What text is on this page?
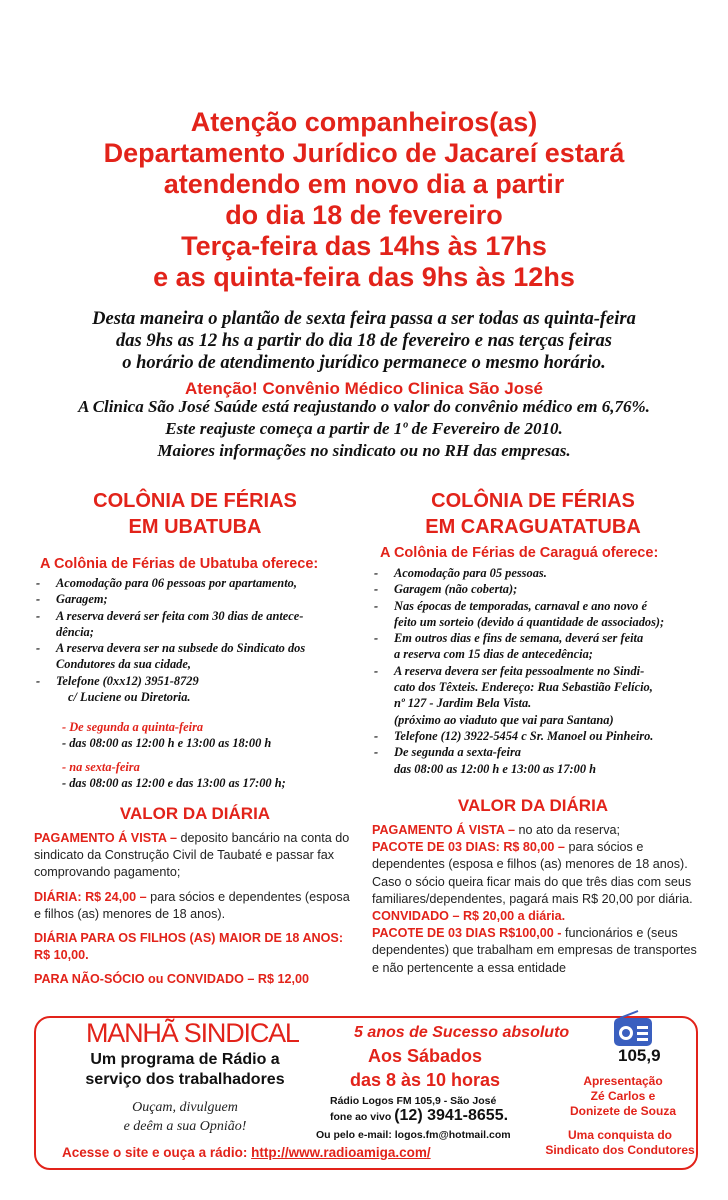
Atenção companheiros(as)
Departamento Jurídico de Jacareí estará
atendendo em novo dia a partir
do dia 18 de fevereiro
Terça-feira das 14hs às 17hs
e as quinta-feira das 9hs às 12hs
Desta maneira o plantão de sexta feira passa a ser todas as quinta-feira
das 9hs as 12 hs a partir do dia 18 de fevereiro e nas terças feiras
o horário de atendimento jurídico permanece o mesmo horário.
Atenção! Convênio Médico Clinica São José
A Clinica São José Saúde está reajustando o valor do convênio médico em 6,76%.
Este reajuste começa a partir de 1º de Fevereiro de 2010.
Maiores informações no sindicato ou no RH das empresas.
COLÔNIA DE FÉRIAS
EM UBATUBA
A Colônia de Férias de Ubatuba oferece:
- Acomodação para 06 pessoas por apartamento,
- Garagem;
- A reserva deverá ser feita com 30 dias de antece-
dência;
- A reserva devera ser na subsede do Sindicato dos
Condutores da sua cidade,
- Telefone (0xx12) 3951-8729
c/ Luciene ou Diretoria.
- De segunda a quinta-feira
- das 08:00 as 12:00 h e 13:00 as 18:00 h
- na sexta-feira
- das 08:00 as 12:00 e das 13:00 as 17:00 h;
VALOR DA DIÁRIA

PAGAMENTO Á VISTA – deposito bancário na conta do sindicato da Construção Civil de Taubaté e passar fax comprovando pagamento;

DIÁRIA: R$ 24,00 – para sócios e dependentes (esposa e filhos (as) menores de 18 anos).

DIÁRIA PARA OS FILHOS (AS) MAIOR DE 18 ANOS: R$ 10,00.

PARA NÃO-SÓCIO ou CONVIDADO – R$ 12,00

COLÔNIA DE FÉRIAS
EM CARAGUATATUBA
A Colônia de Férias de Caraguá oferece:
- Acomodação para 05 pessoas.
- Garagem (não coberta);
- Nas épocas de temporadas, carnaval e ano novo é
feito um sorteio (devido á quantidade de associados);
- Em outros dias e fins de semana, deverá ser feita
a reserva com 15 dias de antecedência;
- A reserva devera ser feita pessoalmente no Sindi-
cato dos Têxteis. Endereço: Rua Sebastião Felício,
nº 127 - Jardim Bela Vista.
(próximo ao viaduto que vai para Santana)
- Telefone (12) 3922-5454 c Sr. Manoel ou Pinheiro.
- De segunda a sexta-feira
das 08:00 as 12:00 h e 13:00 as 17:00 h
VALOR DA DIÁRIA
PAGAMENTO Á VISTA – no ato da reserva;
PACOTE DE 03 DIAS: R$ 80,00 – para sócios e dependentes (esposa e filhos (as) menores de 18 anos). Caso o sócio queira ficar mais do que três dias com seus familiares/dependentes, pagará mais R$ 20,00 por diária.
CONVIDADO – R$ 20,00 a diária.
PACOTE DE 03 DIAS R$100,00 - funcionários e (seus dependentes) que trabalham em empresas de transportes e não pertencente a essa entidade
MANHÃ SINDICAL
Um programa de Rádio a
serviço dos trabalhadores
Ouçam, divulguem
e deêm a sua Opnião!
5 anos de Sucesso absoluto
Aos Sábados
das 8 às 10 horas
Rádio Logos FM 105,9 - São José
fone ao vivo (12) 3941-8655.
Ou pelo e-mail: logos.fm@hotmail.com
105,9
Apresentação
Zé Carlos e
Donizete de Souza
Uma conquista do
Sindicato dos Condutores
Acesse o site e ouça a rádio: http://www.radioamiga.com/
